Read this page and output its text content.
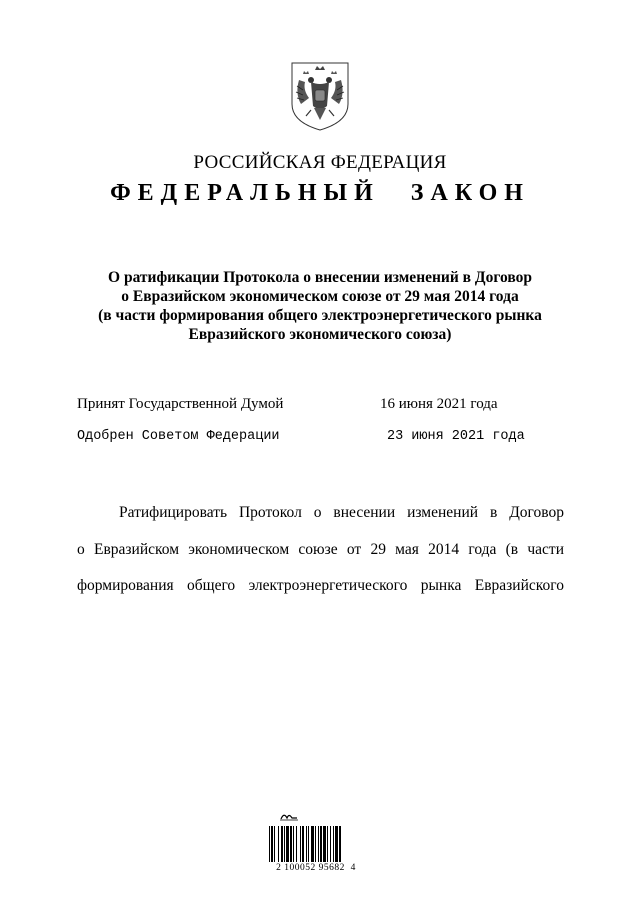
РОССИЙСКАЯ ФЕДЕРАЦИЯ
ФЕДЕРАЛЬНЫЙ ЗАКОН
О ратификации Протокола о внесении изменений в Договор
о Евразийском экономическом союзе от 29 мая 2014 года
(в части формирования общего электроэнергетического рынка
Евразийского экономического союза)
Принят Государственной Думой	16 июня 2021 года
Одобрен Советом Федерации	23 июня 2021 года
Ратифицировать Протокол о внесении изменений в Договор
о Евразийском экономическом союзе от 29 мая 2014 года (в части
формирования общего электроэнергетического рынка Евразийского
2 100052 95682  4
